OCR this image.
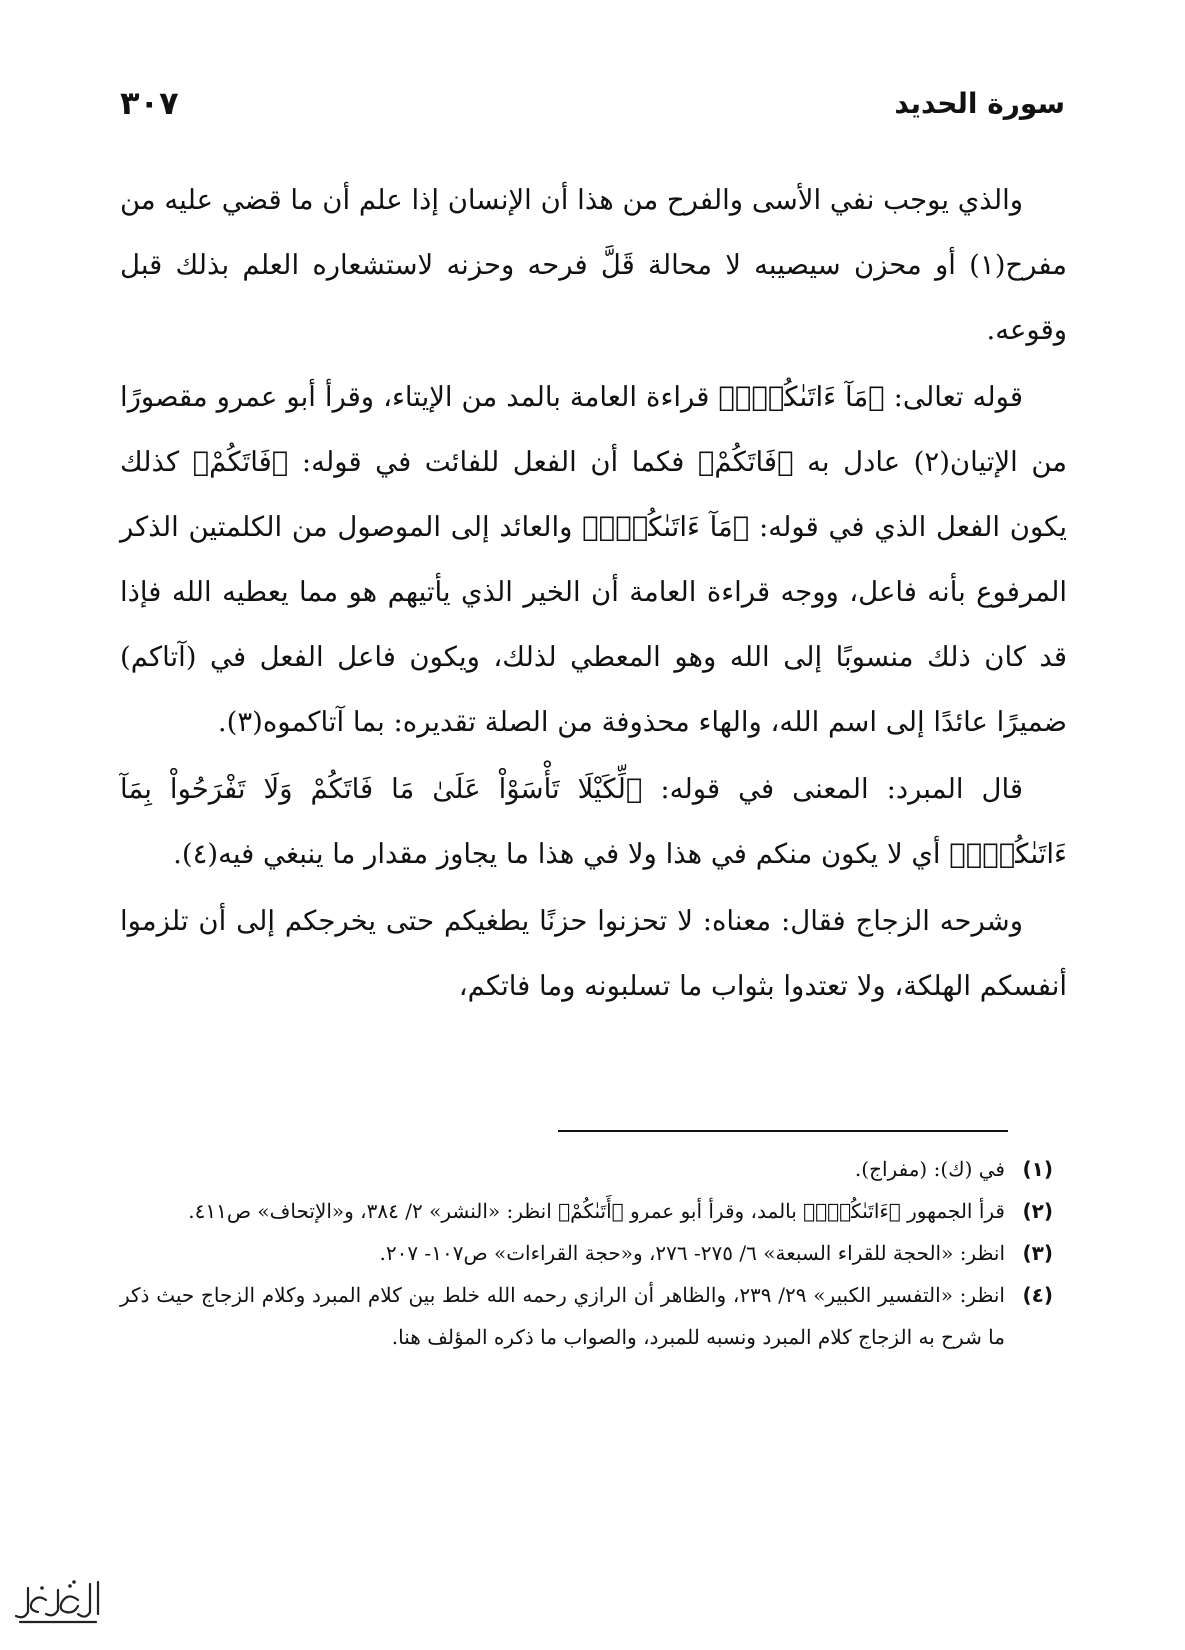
سورة الحديد
٣٠٧

والذي يوجب نفي الأسى والفرح من هذا أن الإنسان إذا علم أن ما قضي عليه من مفرح(١) أو محزن سيصيبه لا محالة قَلَّ فرحه وحزنه لاستشعاره العلم بذلك قبل وقوعه.

قوله تعالى: ﴿مَآ ءَاتَىٰكُمْۗ﴾ قراءة العامة بالمد من الإيتاء، وقرأ أبو عمرو مقصورًا من الإتيان(٢) عادل به ﴿فَاتَكُمْ﴾ فكما أن الفعل للفائت في قوله: ﴿فَاتَكُمْ﴾ كذلك يكون الفعل الذي في قوله: ﴿مَآ ءَاتَىٰكُمْۗ﴾ والعائد إلى الموصول من الكلمتين الذكر المرفوع بأنه فاعل، ووجه قراءة العامة أن الخير الذي يأتيهم هو مما يعطيه الله فإذا قد كان ذلك منسوبًا إلى الله وهو المعطي لذلك، ويكون فاعل الفعل في (آتاكم) ضميرًا عائدًا إلى اسم الله، والهاء محذوفة من الصلة تقديره: بما آتاكموه(٣).

قال المبرد: المعنى في قوله: ﴿لِّكَيْلَا تَأْسَوْاْ عَلَىٰ مَا فَاتَكُمْ وَلَا تَفْرَحُواْ بِمَآ ءَاتَىٰكُمْۗ﴾ أي لا يكون منكم في هذا ولا في هذا ما يجاوز مقدار ما ينبغي فيه(٤).

وشرحه الزجاج فقال: معناه: لا تحزنوا حزنًا يطغيكم حتى يخرجكم إلى أن تلزموا أنفسكم الهلكة، ولا تعتدوا بثواب ما تسلبونه وما فاتكم،

(١)
في (ك): (مفراج).
(٢)
قرأ الجمهور ﴿ءَاتَىٰكُمْۗ﴾ بالمد، وقرأ أبو عمرو ﴿أَتَىٰكُمْ﴾ انظر: «النشر» ٢/ ٣٨٤، و«الإتحاف» ص٤١١.
(٣)
انظر: «الحجة للقراء السبعة» ٦/ ٢٧٥- ٢٧٦، و«حجة القراءات» ص١٠٧- ٢٠٧.
(٤)
انظر: «التفسير الكبير» ٢٩/ ٢٣٩، والظاهر أن الرازي رحمه الله خلط بين كلام المبرد وكلام الزجاج حيث ذكر ما شرح به الزجاج كلام المبرد ونسبه للمبرد، والصواب ما ذكره المؤلف هنا.
